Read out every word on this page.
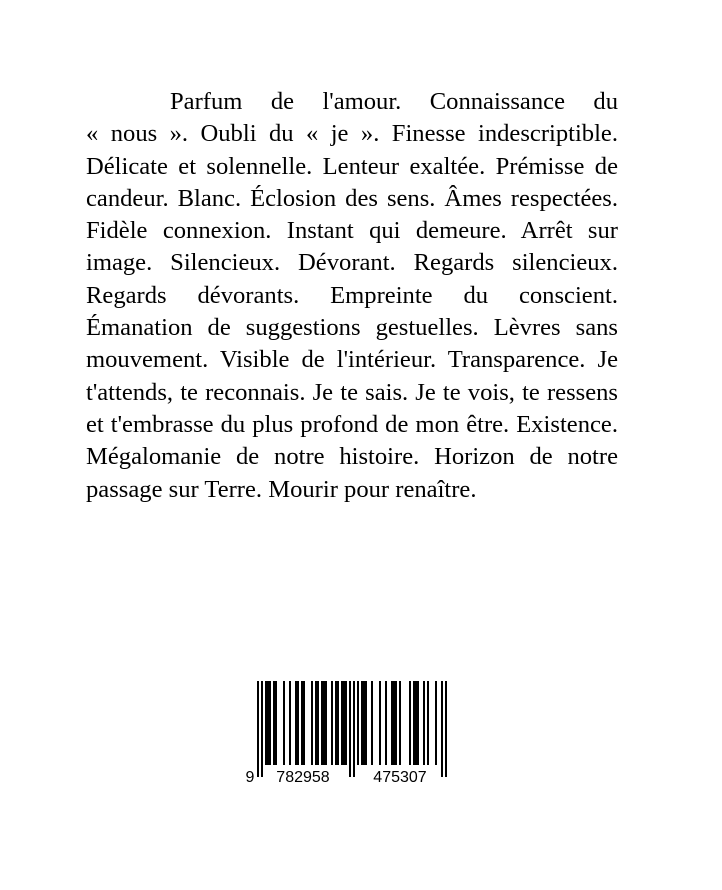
Parfum de l'amour. Connaissance du « nous ». Oubli du « je ». Finesse indescriptible. Délicate et solennelle. Lenteur exaltée. Prémisse de candeur. Blanc. Éclosion des sens. Âmes respectées. Fidèle connexion. Instant qui demeure. Arrêt sur image. Silencieux. Dévorant. Regards silencieux. Regards dévorants. Empreinte du conscient. Émanation de suggestions gestuelles. Lèvres sans mouvement. Visible de l'intérieur. Transparence. Je t'attends, te reconnais. Je te sais. Je te vois, te ressens et t'embrasse du plus profond de mon être. Existence. Mégalomanie de notre histoire. Horizon de notre passage sur Terre. Mourir pour renaître.

9 782958	475307
